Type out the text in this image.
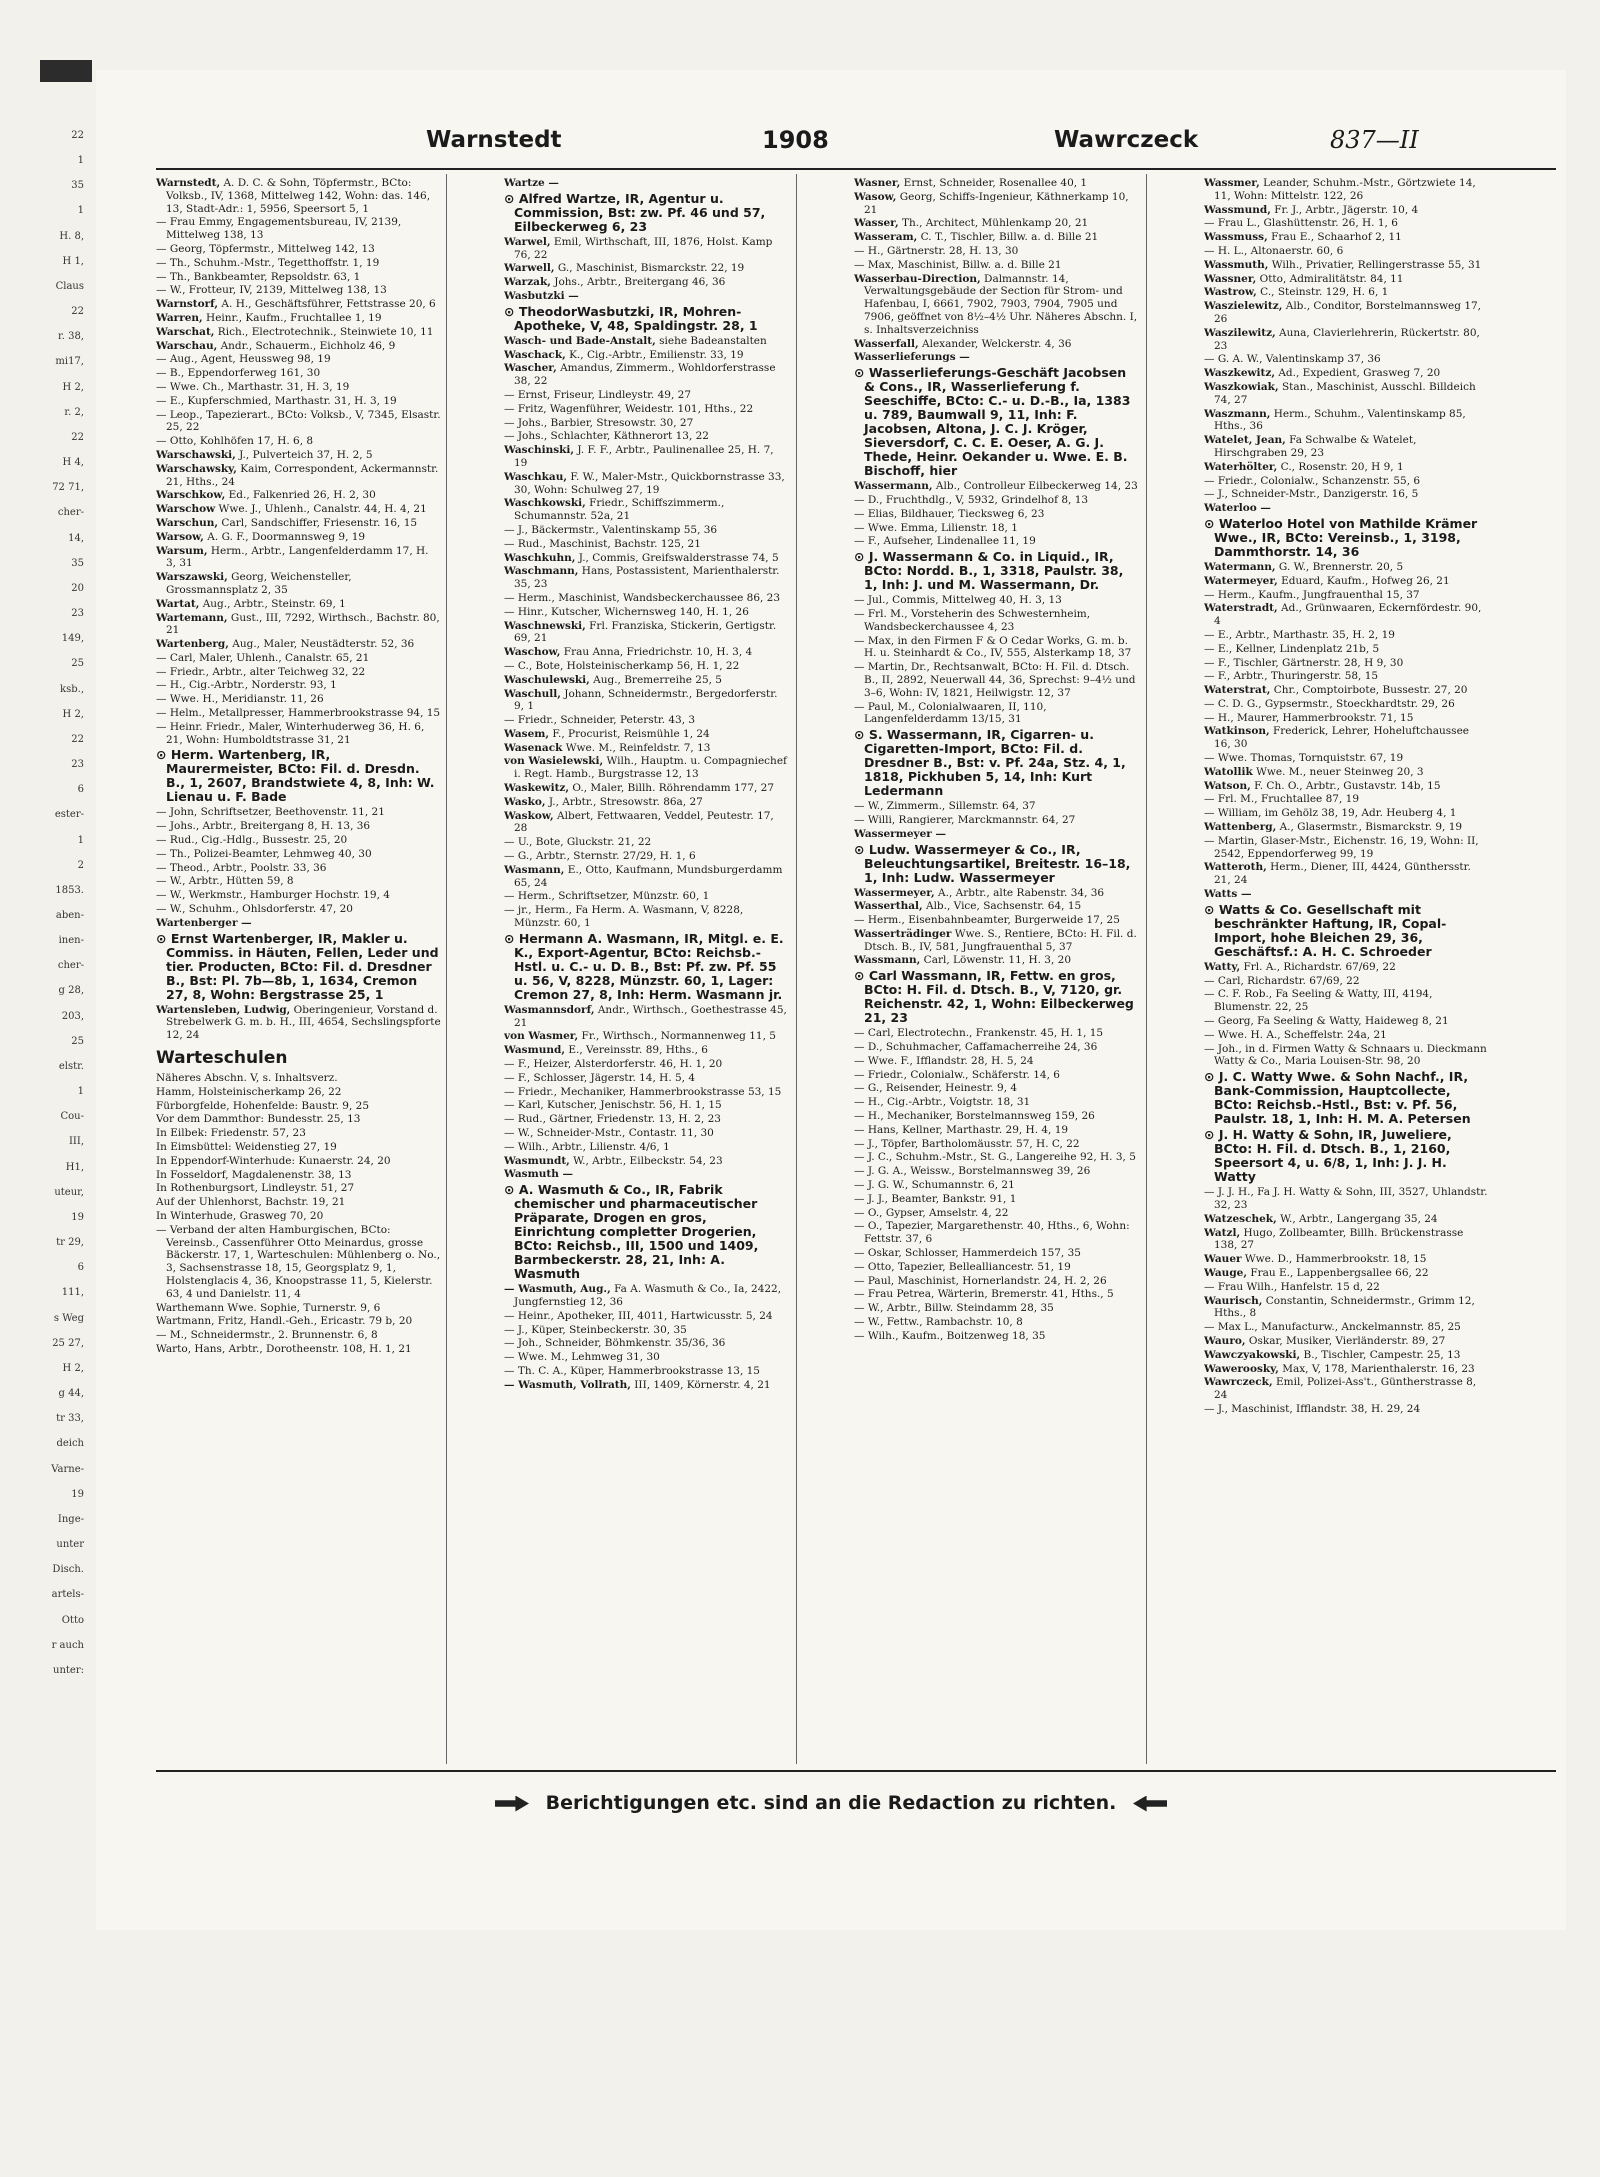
22
1
35
1
H. 8,
H 1,
Claus
22
r. 38,
mi17,
H 2,
r. 2,
22
H 4,
72 71,
cher-
14,
35
20
23
149,
25
ksb.,
H 2,
22
23
6
ester-
1
2
1853.
aben-
inen-
cher-
g 28,
203,
25
elstr.
1
Cou-
III,
H1,
uteur,
19
tr 29,
6
111,
s Weg
25 27,
H 2,
g 44,
tr 33,
deich
Varne-
19
Inge-
unter
Disch.
artels-
Otto
r auch
unter:
Warnstedt	1908	Wawrczeck	837—II
Warnstedt, A. D. C. & Sohn, Töpfermstr., BCto: Volksb., IV, 1368, Mittelweg 142, Wohn: das. 146, 13, Stadt-Adr.: 1, 5956, Speersort 5, 1
— Frau Emmy, Engagementsbureau, IV, 2139, Mittelweg 138, 13
— Georg, Töpfermstr., Mittelweg 142, 13
— Th., Schuhm.-Mstr., Tegetthoffstr. 1, 19
— Th., Bankbeamter, Repsoldstr. 63, 1
— W., Frotteur, IV, 2139, Mittelweg 138, 13
Warnstorf, A. H., Geschäftsführer, Fettstrasse 20, 6
Warren, Heinr., Kaufm., Fruchtallee 1, 19
Warschat, Rich., Electrotechnik., Steinwiete 10, 11
Warschau, Andr., Schauerm., Eichholz 46, 9
— Aug., Agent, Heussweg 98, 19
— B., Eppendorferweg 161, 30
— Wwe. Ch., Marthastr. 31, H. 3, 19
— E., Kupferschmied, Marthastr. 31, H. 3, 19
— Leop., Tapezierart., BCto: Volksb., V, 7345, Elsastr. 25, 22
— Otto, Kohlhöfen 17, H. 6, 8
Warschawski, J., Pulverteich 37, H. 2, 5
Warschawsky, Kaim, Correspondent, Ackermannstr. 21, Hths., 24
Warschkow, Ed., Falkenried 26, H. 2, 30
Warschow Wwe. J., Uhlenh., Canalstr. 44, H. 4, 21
Warschun, Carl, Sandschiffer, Friesenstr. 16, 15
Warsow, A. G. F., Doormannsweg 9, 19
Warsum, Herm., Arbtr., Langenfelderdamm 17, H. 3, 31
Warszawski, Georg, Weichensteller, Grossmannsplatz 2, 35
Wartat, Aug., Arbtr., Steinstr. 69, 1
Wartemann, Gust., III, 7292, Wirthsch., Bachstr. 80, 21
Wartenberg, Aug., Maler, Neustädterstr. 52, 36
— Carl, Maler, Uhlenh., Canalstr. 65, 21
— Friedr., Arbtr., alter Teichweg 32, 22
— H., Cig.-Arbtr., Norderstr. 93, 1
— Wwe. H., Meridianstr. 11, 26
— Helm., Metallpresser, Hammerbrookstrasse 94, 15
— Heinr. Friedr., Maler, Winterhuderweg 36, H. 6, 21, Wohn: Humboldtstrasse 31, 21
⊙ Herm. Wartenberg, IR, Maurermeister, BCto: Fil. d. Dresdn. B., 1, 2607, Brandstwiete 4, 8, Inh: W. Lienau u. F. Bade
— John, Schriftsetzer, Beethovenstr. 11, 21
— Johs., Arbtr., Breitergang 8, H. 13, 36
— Rud., Cig.-Hdlg., Bussestr. 25, 20
— Th., Polizei-Beamter, Lehmweg 40, 30
— Theod., Arbtr., Poolstr. 33, 36
— W., Arbtr., Hütten 59, 8
— W., Werkmstr., Hamburger Hochstr. 19, 4
— W., Schuhm., Ohlsdorferstr. 47, 20
Wartenberger —
⊙ Ernst Wartenberger, IR, Makler u. Commiss. in Häuten, Fellen, Leder und tier. Producten, BCto: Fil. d. Dresdner B., Bst: Pl. 7b—8b, 1, 1634, Cremon 27, 8, Wohn: Bergstrasse 25, 1
Wartensleben, Ludwig, Oberingenieur, Vorstand d. Strebelwerk G. m. b. H., III, 4654, Sechslingspforte 12, 24
Warteschulen
Näheres Abschn. V, s. Inhaltsverz.
Hamm, Holsteinischerkamp 26, 22
Fürborgfelde, Hohenfelde: Baustr. 9, 25
Vor dem Dammthor: Bundesstr. 25, 13
In Eilbek: Friedenstr. 57, 23
In Eimsbüttel: Weidenstieg 27, 19
In Eppendorf-Winterhude: Kunaerstr. 24, 20
In Fosseldorf, Magdalenenstr. 38, 13
In Rothenburgsort, Lindleystr. 51, 27
Auf der Uhlenhorst, Bachstr. 19, 21
In Winterhude, Grasweg 70, 20
— Verband der alten Hamburgischen, BCto: Vereinsb., Cassenführer Otto Meinardus, grosse Bäckerstr. 17, 1, Warteschulen: Mühlenberg o. No., 3, Sachsenstrasse 18, 15, Georgsplatz 9, 1, Holstenglacis 4, 36, Knoopstrasse 11, 5, Kielerstr. 63, 4 und Danielstr. 11, 4
Warthemann Wwe. Sophie, Turnerstr. 9, 6
Wartmann, Fritz, Handl.-Geh., Ericastr. 79 b, 20
— M., Schneidermstr., 2. Brunnenstr. 6, 8
Warto, Hans, Arbtr., Dorotheenstr. 108, H. 1, 21
Wartze —
⊙ Alfred Wartze, IR, Agentur u. Commission, Bst: zw. Pf. 46 und 57, Eilbeckerweg 6, 23
Warwel, Emil, Wirthschaft, III, 1876, Holst. Kamp 76, 22
Warwell, G., Maschinist, Bismarckstr. 22, 19
Warzak, Johs., Arbtr., Breitergang 46, 36
Wasbutzki —
⊙ TheodorWasbutzki, IR, Mohren-Apotheke, V, 48, Spaldingstr. 28, 1
Wasch- und Bade-Anstalt, siehe Badeanstalten
Waschack, K., Cig.-Arbtr., Emilienstr. 33, 19
Wascher, Amandus, Zimmerm., Wohldorferstrasse 38, 22
— Ernst, Friseur, Lindleystr. 49, 27
— Fritz, Wagenführer, Weidestr. 101, Hths., 22
— Johs., Barbier, Stresowstr. 30, 27
— Johs., Schlachter, Käthnerort 13, 22
Waschinski, J. F. F., Arbtr., Paulinenallee 25, H. 7, 19
Waschkau, F. W., Maler-Mstr., Quickbornstrasse 33, 30, Wohn: Schulweg 27, 19
Waschkowski, Friedr., Schiffszimmerm., Schumannstr. 52a, 21
— J., Bäckermstr., Valentinskamp 55, 36
— Rud., Maschinist, Bachstr. 125, 21
Waschkuhn, J., Commis, Greifswalderstrasse 74, 5
Waschmann, Hans, Postassistent, Marienthalerstr. 35, 23
— Herm., Maschinist, Wandsbeckerchaussee 86, 23
— Hinr., Kutscher, Wichernsweg 140, H. 1, 26
Waschnewski, Frl. Franziska, Stickerin, Gertigstr. 69, 21
Waschow, Frau Anna, Friedrichstr. 10, H. 3, 4
— C., Bote, Holsteinischerkamp 56, H. 1, 22
Waschulewski, Aug., Bremerreihe 25, 5
Waschull, Johann, Schneidermstr., Bergedorferstr. 9, 1
— Friedr., Schneider, Peterstr. 43, 3
Wasem, F., Procurist, Reismühle 1, 24
Wasenack Wwe. M., Reinfeldstr. 7, 13
von Wasielewski, Wilh., Hauptm. u. Compagniechef i. Regt. Hamb., Burgstrasse 12, 13
Waskewitz, O., Maler, Billh. Röhrendamm 177, 27
Wasko, J., Arbtr., Stresowstr. 86a, 27
Waskow, Albert, Fettwaaren, Veddel, Peutestr. 17, 28
— U., Bote, Gluckstr. 21, 22
— G., Arbtr., Sternstr. 27/29, H. 1, 6
Wasmann, E., Otto, Kaufmann, Mundsburgerdamm 65, 24
— Herm., Schriftsetzer, Münzstr. 60, 1
— jr., Herm., Fa Herm. A. Wasmann, V, 8228, Münzstr. 60, 1
⊙ Hermann A. Wasmann, IR, Mitgl. e. E. K., Export-Agentur, BCto: Reichsb.-Hstl. u. C.- u. D. B., Bst: Pf. zw. Pf. 55 u. 56, V, 8228, Münzstr. 60, 1, Lager: Cremon 27, 8, Inh: Herm. Wasmann jr.
Wasmannsdorf, Andr., Wirthsch., Goethestrasse 45, 21
von Wasmer, Fr., Wirthsch., Normannenweg 11, 5
Wasmund, E., Vereinsstr. 89, Hths., 6
— F., Heizer, Alsterdorferstr. 46, H. 1, 20
— F., Schlosser, Jägerstr. 14, H. 5, 4
— Friedr., Mechaniker, Hammerbrookstrasse 53, 15
— Karl, Kutscher, Jenischstr. 56, H. 1, 15
— Rud., Gärtner, Friedenstr. 13, H. 2, 23
— W., Schneider-Mstr., Contastr. 11, 30
— Wilh., Arbtr., Lilienstr. 4/6, 1
Wasmundt, W., Arbtr., Eilbeckstr. 54, 23
Wasmuth —
⊙ A. Wasmuth & Co., IR, Fabrik chemischer und pharmaceutischer Präparate, Drogen en gros, Einrichtung completter Drogerien, BCto: Reichsb., III, 1500 und 1409, Barmbeckerstr. 28, 21, Inh: A. Wasmuth
— Wasmuth, Aug., Fa A. Wasmuth & Co., Ia, 2422, Jungfernstieg 12, 36
— Heinr., Apotheker, III, 4011, Hartwicusstr. 5, 24
— J., Küper, Steinbeckerstr. 30, 35
— Joh., Schneider, Böhmkenstr. 35/36, 36
— Wwe. M., Lehmweg 31, 30
— Th. C. A., Küper, Hammerbrookstrasse 13, 15
— Wasmuth, Vollrath, III, 1409, Körnerstr. 4, 21
Wasner, Ernst, Schneider, Rosenallee 40, 1
Wasow, Georg, Schiffs-Ingenieur, Käthnerkamp 10, 21
Wasser, Th., Architect, Mühlenkamp 20, 21
Wasseram, C. T., Tischler, Billw. a. d. Bille 21
— H., Gärtnerstr. 28, H. 13, 30
— Max, Maschinist, Billw. a. d. Bille 21
Wasserbau-Direction, Dalmannstr. 14, Verwaltungsgebäude der Section für Strom- und Hafenbau, I, 6661, 7902, 7903, 7904, 7905 und 7906, geöffnet von 8½–4½ Uhr. Näheres Abschn. I, s. Inhaltsverzeichniss
Wasserfall, Alexander, Welckerstr. 4, 36
Wasserlieferungs —
⊙ Wasserlieferungs-Geschäft Jacobsen & Cons., IR, Wasserlieferung f. Seeschiffe, BCto: C.- u. D.-B., Ia, 1383 u. 789, Baumwall 9, 11, Inh: F. Jacobsen, Altona, J. C. J. Kröger, Sieversdorf, C. C. E. Oeser, A. G. J. Thede, Heinr. Oekander u. Wwe. E. B. Bischoff, hier
Wassermann, Alb., Controlleur Eilbeckerweg 14, 23
— D., Fruchthdlg., V, 5932, Grindelhof 8, 13
— Elias, Bildhauer, Tiecksweg 6, 23
— Wwe. Emma, Lilienstr. 18, 1
— F., Aufseher, Lindenallee 11, 19
⊙ J. Wassermann & Co. in Liquid., IR, BCto: Nordd. B., 1, 3318, Paulstr. 38, 1, Inh: J. und M. Wassermann, Dr.
— Jul., Commis, Mittelweg 40, H. 3, 13
— Frl. M., Vorsteherin des Schwesternheim, Wandsbeckerchaussee 4, 23
— Max, in den Firmen F & O Cedar Works, G. m. b. H. u. Steinhardt & Co., IV, 555, Alsterkamp 18, 37
— Martin, Dr., Rechtsanwalt, BCto: H. Fil. d. Dtsch. B., II, 2892, Neuerwall 44, 36, Sprechst: 9–4½ und 3–6, Wohn: IV, 1821, Heilwigstr. 12, 37
— Paul, M., Colonialwaaren, II, 110, Langenfelderdamm 13/15, 31
⊙ S. Wassermann, IR, Cigarren- u. Cigaretten-Import, BCto: Fil. d. Dresdner B., Bst: v. Pf. 24a, Stz. 4, 1, 1818, Pickhuben 5, 14, Inh: Kurt Ledermann
— W., Zimmerm., Sillemstr. 64, 37
— Willi, Rangierer, Marckmannstr. 64, 27
Wassermeyer —
⊙ Ludw. Wassermeyer & Co., IR, Beleuchtungsartikel, Breitestr. 16–18, 1, Inh: Ludw. Wassermeyer
Wassermeyer, A., Arbtr., alte Rabenstr. 34, 36
Wasserthal, Alb., Vice, Sachsenstr. 64, 15
— Herm., Eisenbahnbeamter, Burgerweide 17, 25
Wasserträdinger Wwe. S., Rentiere, BCto: H. Fil. d. Dtsch. B., IV, 581, Jungfrauenthal 5, 37
Wassmann, Carl, Löwenstr. 11, H. 3, 20
⊙ Carl Wassmann, IR, Fettw. en gros, BCto: H. Fil. d. Dtsch. B., V, 7120, gr. Reichenstr. 42, 1, Wohn: Eilbeckerweg 21, 23
— Carl, Electrotechn., Frankenstr. 45, H. 1, 15
— D., Schuhmacher, Caffamacherreihe 24, 36
— Wwe. F., Ifflandstr. 28, H. 5, 24
— Friedr., Colonialw., Schäferstr. 14, 6
— G., Reisender, Heinestr. 9, 4
— H., Cig.-Arbtr., Voigtstr. 18, 31
— H., Mechaniker, Borstelmannsweg 159, 26
— Hans, Kellner, Marthastr. 29, H. 4, 19
— J., Töpfer, Bartholomäusstr. 57, H. C, 22
— J. C., Schuhm.-Mstr., St. G., Langereihe 92, H. 3, 5
— J. G. A., Weissw., Borstelmannsweg 39, 26
— J. G. W., Schumannstr. 6, 21
— J. J., Beamter, Bankstr. 91, 1
— O., Gypser, Amselstr. 4, 22
— O., Tapezier, Margarethenstr. 40, Hths., 6, Wohn: Fettstr. 37, 6
— Oskar, Schlosser, Hammerdeich 157, 35
— Otto, Tapezier, Bellealliancestr. 51, 19
— Paul, Maschinist, Hornerlandstr. 24, H. 2, 26
— Frau Petrea, Wärterin, Bremerstr. 41, Hths., 5
— W., Arbtr., Billw. Steindamm 28, 35
— W., Fettw., Rambachstr. 10, 8
— Wilh., Kaufm., Boitzenweg 18, 35
Wassmer, Leander, Schuhm.-Mstr., Görtzwiete 14, 11, Wohn: Mittelstr. 122, 26
Wassmund, Fr. J., Arbtr., Jägerstr. 10, 4
— Frau L., Glashüttenstr. 26, H. 1, 6
Wassmuss, Frau E., Schaarhof 2, 11
— H. L., Altonaerstr. 60, 6
Wassmuth, Wilh., Privatier, Rellingerstrasse 55, 31
Wassner, Otto, Admiralitätstr. 84, 11
Wastrow, C., Steinstr. 129, H. 6, 1
Waszielewitz, Alb., Conditor, Borstelmannsweg 17, 26
Waszilewitz, Auna, Clavierlehrerin, Rückertstr. 80, 23
— G. A. W., Valentinskamp 37, 36
Waszkewitz, Ad., Expedient, Grasweg 7, 20
Waszkowiak, Stan., Maschinist, Ausschl. Billdeich 74, 27
Waszmann, Herm., Schuhm., Valentinskamp 85, Hths., 36
Watelet, Jean, Fa Schwalbe & Watelet, Hirschgraben 29, 23
Waterhölter, C., Rosenstr. 20, H 9, 1
— Friedr., Colonialw., Schanzenstr. 55, 6
— J., Schneider-Mstr., Danzigerstr. 16, 5
Waterloo —
⊙ Waterloo Hotel von Mathilde Krämer Wwe., IR, BCto: Vereinsb., 1, 3198, Dammthorstr. 14, 36
Watermann, G. W., Brennerstr. 20, 5
Watermeyer, Eduard, Kaufm., Hofweg 26, 21
— Herm., Kaufm., Jungfrauenthal 15, 37
Waterstradt, Ad., Grünwaaren, Eckernfördestr. 90, 4
— E., Arbtr., Marthastr. 35, H. 2, 19
— E., Kellner, Lindenplatz 21b, 5
— F., Tischler, Gärtnerstr. 28, H 9, 30
— F., Arbtr., Thuringerstr. 58, 15
Waterstrat, Chr., Comptoirbote, Bussestr. 27, 20
— C. D. G., Gypsermstr., Stoeckhardtstr. 29, 26
— H., Maurer, Hammerbrookstr. 71, 15
Watkinson, Frederick, Lehrer, Hoheluftchaussee 16, 30
— Wwe. Thomas, Tornquiststr. 67, 19
Watollik Wwe. M., neuer Steinweg 20, 3
Watson, F. Ch. O., Arbtr., Gustavstr. 14b, 15
— Frl. M., Fruchtallee 87, 19
— William, im Gehölz 38, 19, Adr. Heuberg 4, 1
Wattenberg, A., Glasermstr., Bismarckstr. 9, 19
— Martin, Glaser-Mstr., Eichenstr. 16, 19, Wohn: II, 2542, Eppendorferweg 99, 19
Watteroth, Herm., Diener, III, 4424, Günthersstr. 21, 24
Watts —
⊙ Watts & Co. Gesellschaft mit beschränkter Haftung, IR, Copal-Import, hohe Bleichen 29, 36, Geschäftsf.: A. H. C. Schroeder
Watty, Frl. A., Richardstr. 67/69, 22
— Carl, Richardstr. 67/69, 22
— C. F. Rob., Fa Seeling & Watty, III, 4194, Blumenstr. 22, 25
— Georg, Fa Seeling & Watty, Haideweg 8, 21
— Wwe. H. A., Scheffelstr. 24a, 21
— Joh., in d. Firmen Watty & Schnaars u. Dieckmann Watty & Co., Maria Louisen-Str. 98, 20
⊙ J. C. Watty Wwe. & Sohn Nachf., IR, Bank-Commission, Hauptcollecte, BCto: Reichsb.-Hstl., Bst: v. Pf. 56, Paulstr. 18, 1, Inh: H. M. A. Petersen
⊙ J. H. Watty & Sohn, IR, Juweliere, BCto: H. Fil. d. Dtsch. B., 1, 2160, Speersort 4, u. 6/8, 1, Inh: J. J. H. Watty
— J. J. H., Fa J. H. Watty & Sohn, III, 3527, Uhlandstr. 32, 23
Watzeschek, W., Arbtr., Langergang 35, 24
Watzl, Hugo, Zollbeamter, Billh. Brückenstrasse 138, 27
Wauer Wwe. D., Hammerbrookstr. 18, 15
Wauge, Frau E., Lappenbergsallee 66, 22
— Frau Wilh., Hanfelstr. 15 d, 22
Waurisch, Constantin, Schneidermstr., Grimm 12, Hths., 8
— Max L., Manufacturw., Anckelmannstr. 85, 25
Wauro, Oskar, Musiker, Vierländerstr. 89, 27
Wawczyakowski, B., Tischler, Campestr. 25, 13
Waweroosky, Max, V, 178, Marienthalerstr. 16, 23
Wawrczeck, Emil, Polizei-Ass't., Güntherstrasse 8, 24
— J., Maschinist, Ifflandstr. 38, H. 29, 24
Berichtigungen etc. sind an die Redaction zu richten.
